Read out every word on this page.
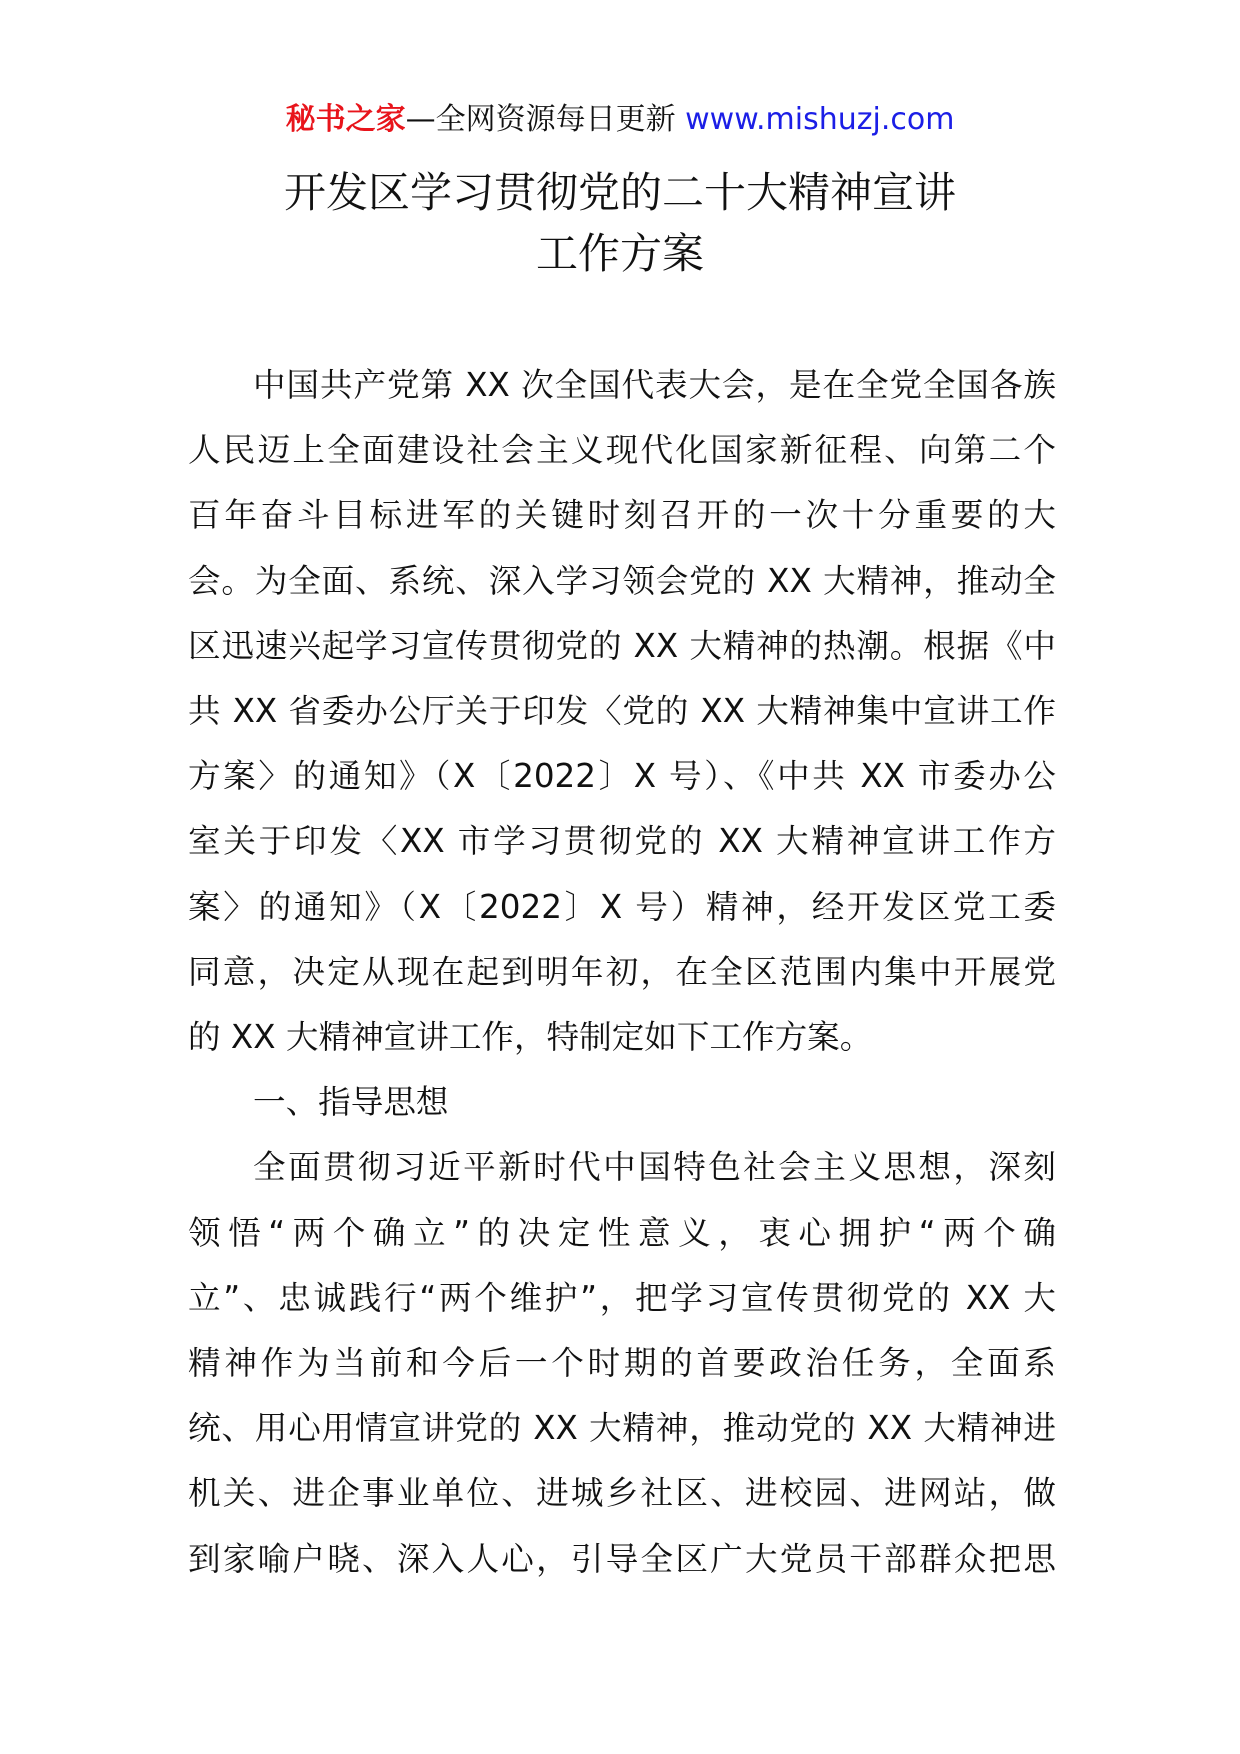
秘书之家—全网资源每日更新 www.mishuzj.com
开发区学习贯彻党的二十大精神宣讲
工作方案
中国共产党第 XX 次全国代表大会，是在全党全国各族
人民迈上全面建设社会主义现代化国家新征程、向第二个
百年奋斗目标进军的关键时刻召开的一次十分重要的大
会。为全面、系统、深入学习领会党的 XX 大精神，推动全
区迅速兴起学习宣传贯彻党的 XX 大精神的热潮。根据《中
共 XX 省委办公厅关于印发〈党的 XX 大精神集中宣讲工作
方案〉的通知》（X〔2022〕X 号）、《中共 XX 市委办公
室关于印发〈XX 市学习贯彻党的 XX 大精神宣讲工作方
案〉的通知》（X〔2022〕X 号）精神，经开发区党工委
同意，决定从现在起到明年初，在全区范围内集中开展党
的 XX 大精神宣讲工作，特制定如下工作方案。
一、指导思想
全面贯彻习近平新时代中国特色社会主义思想，深刻
领悟“两个确立”的决定性意义，衷心拥护“两个确
立”、忠诚践行“两个维护”，把学习宣传贯彻党的 XX 大
精神作为当前和今后一个时期的首要政治任务，全面系
统、用心用情宣讲党的 XX 大精神，推动党的 XX 大精神进
机关、进企事业单位、进城乡社区、进校园、进网站，做
到家喻户晓、深入人心，引导全区广大党员干部群众把思
